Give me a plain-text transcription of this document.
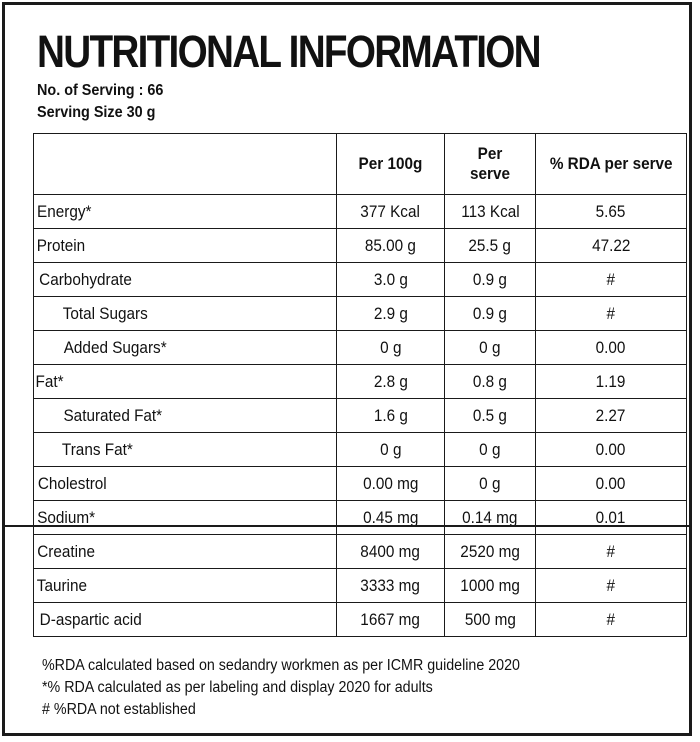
NUTRITIONAL INFORMATION
No. of Serving : 66
Serving Size 30 g
	Per 100g	Per serve	% RDA per serve
Energy*	377 Kcal	113 Kcal	5.65
Protein	85.00 g	25.5 g	47.22
Carbohydrate	3.0 g	0.9 g	#
Total Sugars	2.9 g	0.9 g	#
Added Sugars*	0 g	0 g	0.00
Fat*	2.8 g	0.8 g	1.19
Saturated Fat*	1.6 g	0.5 g	2.27
Trans Fat*	0 g	0 g	0.00
Cholestrol	0.00 mg	0 g	0.00
Sodium*	0.45 mg	0.14 mg	0.01
Creatine	8400 mg	2520 mg	#
Taurine	3333 mg	1000 mg	#
D-aspartic acid	1667 mg	500 mg	#
%RDA calculated based on sedandry workmen as per ICMR guideline 2020
*% RDA calculated as per labeling and display 2020 for adults
# %RDA not established
